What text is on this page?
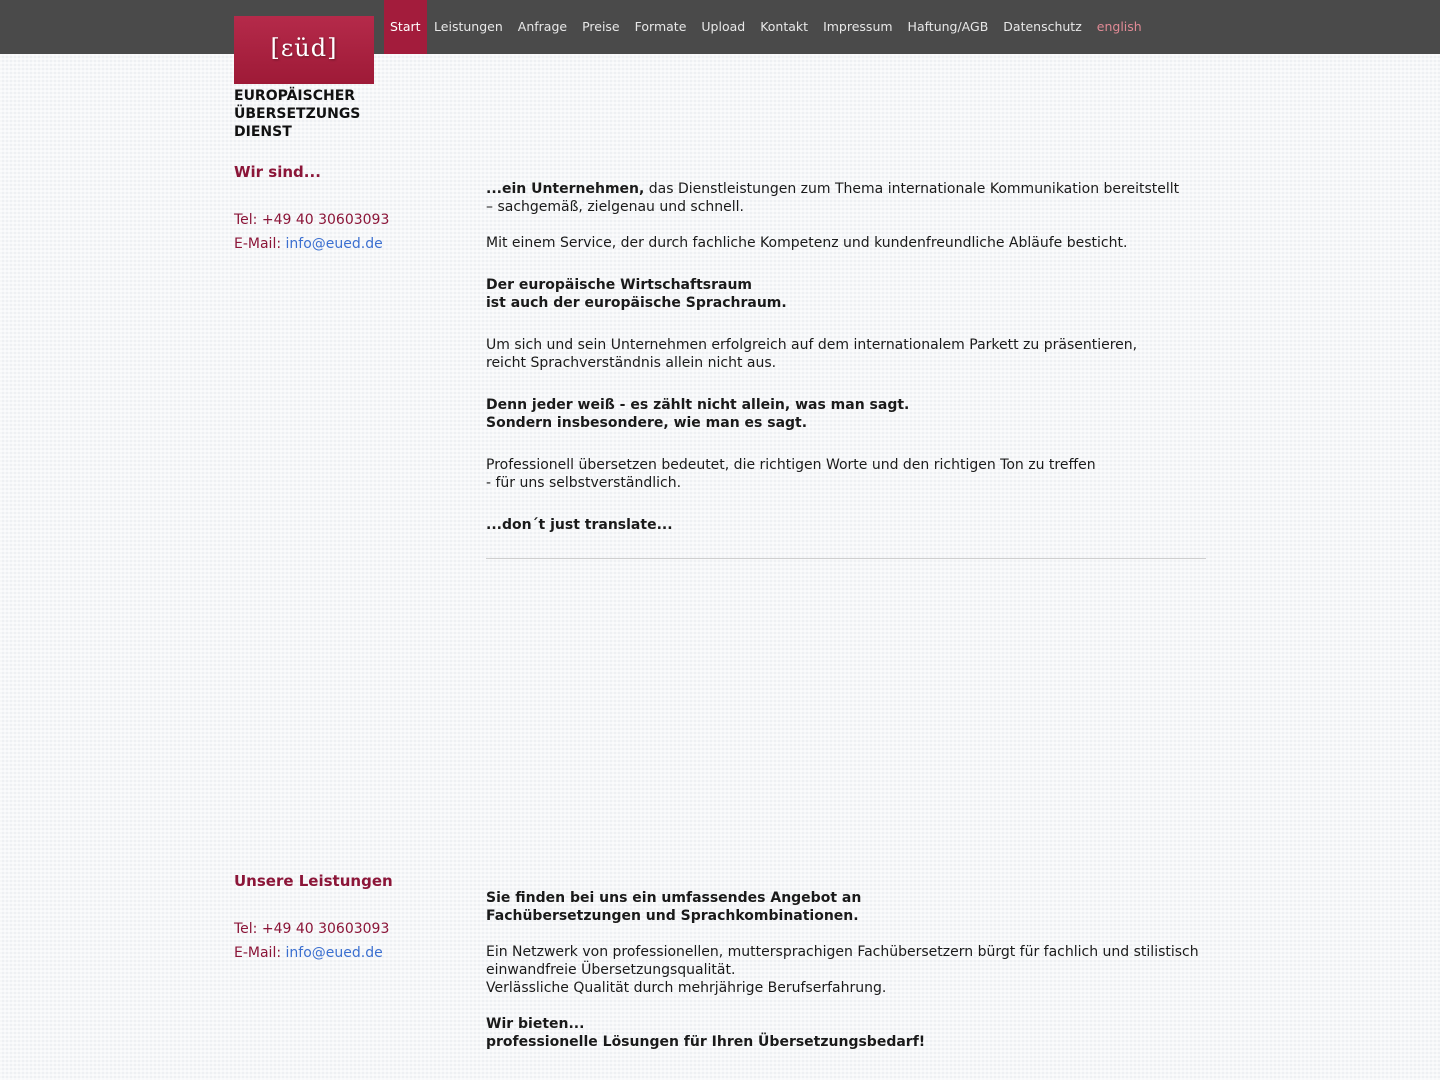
Start	Leistungen	Anfrage	Preise	Formate	Upload	Kontakt	Impressum	Haftung/AGB	Datenschutz	english
[ɛüd]
EUROPÄISCHER
ÜBERSETZUNGS
DIENST
Wir sind...
Tel: +49 40 30603093
E-Mail: info@eued.de
...ein Unternehmen, das Dienstleistungen zum Thema internationale Kommunikation bereitstellt
– sachgemäß, zielgenau und schnell.
Mit einem Service, der durch fachliche Kompetenz und kundenfreundliche Abläufe besticht.
Der europäische Wirtschaftsraum
ist auch der europäische Sprachraum.
Um sich und sein Unternehmen erfolgreich auf dem internationalem Parkett zu präsentieren,
reicht Sprachverständnis allein nicht aus.
Denn jeder weiß - es zählt nicht allein, was man sagt.
Sondern insbesondere, wie man es sagt.
Professionell übersetzen bedeutet, die richtigen Worte und den richtigen Ton zu treffen
- für uns selbstverständlich.
...don´t just translate...
Unsere Leistungen
Tel: +49 40 30603093
E-Mail: info@eued.de
Sie finden bei uns ein umfassendes Angebot an
Fachübersetzungen und Sprachkombinationen.
Ein Netzwerk von professionellen, muttersprachigen Fachübersetzern bürgt für fachlich und stilistisch
einwandfreie Übersetzungsqualität.
Verlässliche Qualität durch mehrjährige Berufserfahrung.
Wir bieten...
professionelle Lösungen für Ihren Übersetzungsbedarf!
